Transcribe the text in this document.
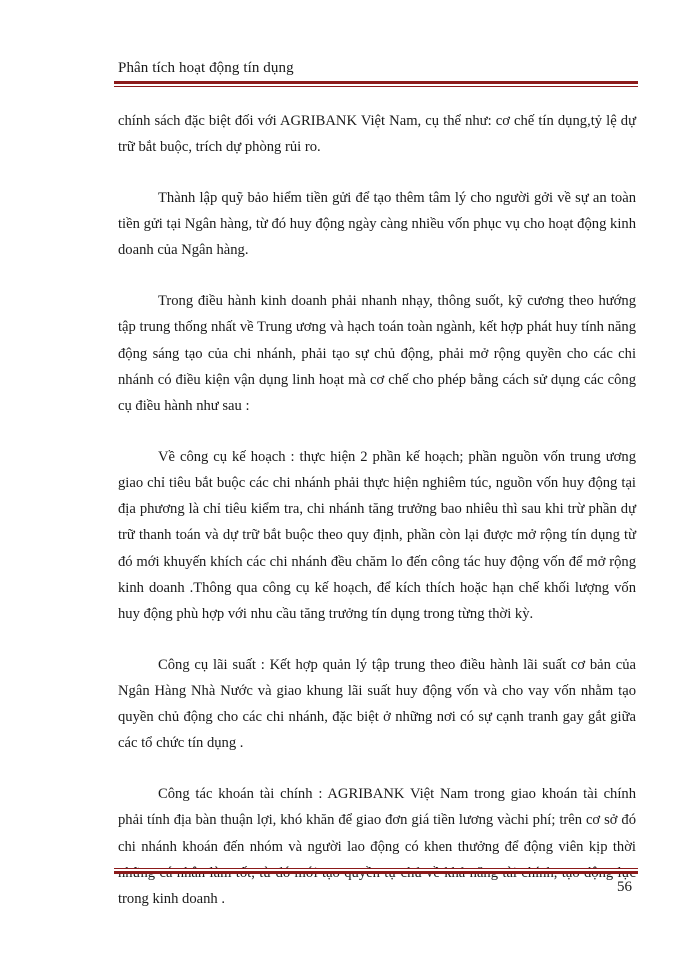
Phân tích hoạt động tín dụng

chính sách đặc biệt đối với AGRIBANK Việt Nam, cụ thể như: cơ chế tín dụng,tỷ lệ dự trữ bắt buộc, trích dự phòng rủi ro.

Thành lập quỹ bảo hiểm tiền gửi để tạo thêm tâm lý cho người gởi về sự an toàn tiền gửi tại Ngân hàng, từ đó huy động ngày càng nhiều vốn phục vụ cho hoạt động kinh doanh của Ngân hàng.

Trong điều hành kinh doanh phải nhanh nhạy, thông suốt, kỹ cương theo hướng tập trung thống nhất về Trung ương và hạch toán toàn ngành, kết hợp phát huy tính năng động sáng tạo của chi nhánh, phải tạo sự chủ động, phải mở rộng quyền cho các chi nhánh có điều kiện vận dụng linh hoạt mà cơ chế cho phép bằng cách sử dụng các công cụ điều hành như sau :

Về công cụ kế hoạch : thực hiện 2 phần kế hoạch; phần nguồn vốn trung ương giao chỉ tiêu bắt buộc các chi nhánh phải thực hiện nghiêm túc, nguồn vốn huy động tại địa phương là chỉ tiêu kiểm tra, chi nhánh tăng trưởng bao nhiêu thì sau khi trừ phần dự trữ thanh toán và dự trữ bắt buộc theo quy định, phần còn lại được mở rộng tín dụng từ đó mới khuyến khích các chi nhánh đều chăm lo đến công tác huy động vốn để mở rộng kinh doanh .Thông qua công cụ kế hoạch, để kích thích hoặc hạn chế khối lượng vốn huy động phù hợp với nhu cầu tăng trưởng tín dụng trong từng thời kỳ.

Công cụ lãi suất : Kết hợp quản lý tập trung theo điều hành lãi suất cơ bản của Ngân Hàng Nhà Nước và giao khung lãi suất huy động vốn và cho vay vốn nhằm tạo quyền chủ động cho các chi nhánh, đặc biệt ở những nơi có sự cạnh tranh gay gắt giữa các tổ chức tín dụng .

Công tác khoán tài chính : AGRIBANK Việt Nam trong giao khoán tài chính phải tính địa bàn thuận lợi, khó khăn để giao đơn giá tiền lương vàchi phí; trên cơ sở đó chi nhánh khoán đến nhóm và người lao động có khen thưởng để động viên kịp thời trong kinh doanh .

56
